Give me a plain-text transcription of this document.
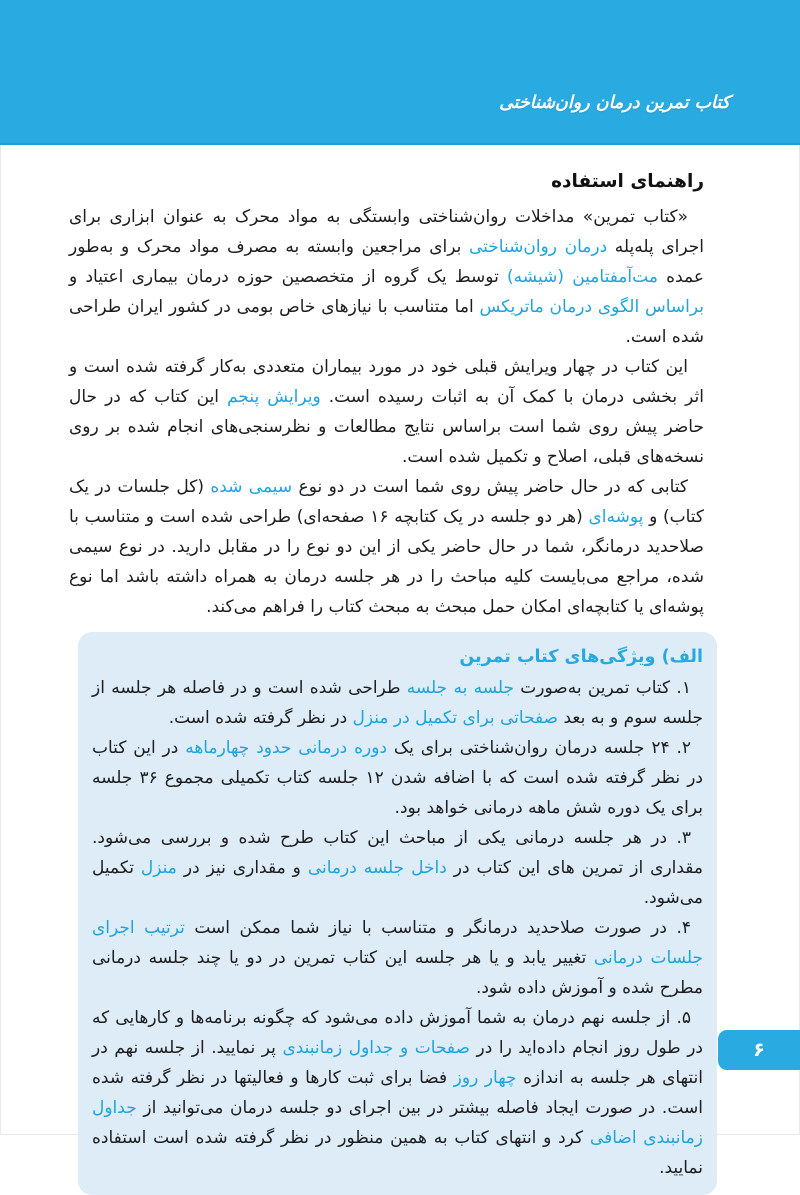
کتاب تمرین درمان روان‌شناختی
راهنمای استفاده

«کتاب تمرین» مداخلات روان‌شناختی وابستگی به مواد محرک به عنوان ابزاری برای اجرای پله‌پله درمان روان‌شناختی برای مراجعین وابسته به مصرف مواد محرک و به‌طور عمده مت‌آمفتامین (شیشه) توسط یک گروه از متخصصین حوزه درمان بیماری اعتیاد و براساس الگوی درمان ماتریکس اما متناسب با نیازهای خاص بومی در کشور ایران طراحی شده است.

این کتاب در چهار ویرایش قبلی خود در مورد بیماران متعددی به‌کار گرفته شده است و اثر بخشی درمان با کمک آن به اثبات رسیده است. ویرایش پنجم این کتاب که در حال حاضر پیش روی شما است براساس نتایج مطالعات و نظرسنجی‌های انجام شده بر روی نسخه‌های قبلی، اصلاح و تکمیل شده است.

کتابی که در حال حاضر پیش روی شما است در دو نوع سیمی شده (کل جلسات در یک کتاب) و پوشه‌ای (هر دو جلسه در یک کتابچه ۱۶ صفحه‌ای) طراحی شده است و متناسب با صلاحدید درمانگر، شما در حال حاضر یکی از این دو نوع را در مقابل دارید. در نوع سیمی شده، مراجع می‌بایست کلیه مباحث را در هر جلسه درمان به همراه داشته باشد اما نوع پوشه‌ای یا کتابچه‌ای امکان حمل مبحث به مبحث کتاب را فراهم می‌کند.

الف) ویژگی‌های کتاب تمرین

۱. کتاب تمرین به‌صورت جلسه به جلسه طراحی شده است و در فاصله هر جلسه از جلسه سوم و به بعد صفحاتی برای تکمیل در منزل در نظر گرفته شده است.

۲. ۲۴ جلسه درمان روان‌شناختی برای یک دوره درمانی حدود چهارماهه در این کتاب در نظر گرفته شده است که با اضافه شدن ۱۲ جلسه کتاب تکمیلی مجموع ۳۶ جلسه برای یک دوره شش ماهه درمانی خواهد بود.

۳. در هر جلسه درمانی یکی از مباحث این کتاب طرح شده و بررسی می‌شود. مقداری از تمرین های این کتاب در داخل جلسه درمانی و مقداری نیز در منزل تکمیل می‌شود.

۴. در صورت صلاحدید درمانگر و متناسب با نیاز شما ممکن است ترتیب اجرای جلسات درمانی تغییر یابد و یا هر جلسه این کتاب تمرین در دو یا چند جلسه درمانی مطرح شده و آموزش داده شود.

۵. از جلسه نهم درمان به شما آموزش داده می‌شود که چگونه برنامه‌ها و کارهایی که در طول روز انجام داده‌اید را در صفحات و جداول زمانبندی پر نمایید. از جلسه نهم در انتهای هر جلسه به اندازه چهار روز فضا برای ثبت کارها و فعالیتها در نظر گرفته شده است. در صورت ایجاد فاصله بیشتر در بین اجرای دو جلسه درمان می‌توانید از جداول زمانبندی اضافی کرد و انتهای کتاب به همین منظور در نظر گرفته شده است استفاده نمایید.

۶
